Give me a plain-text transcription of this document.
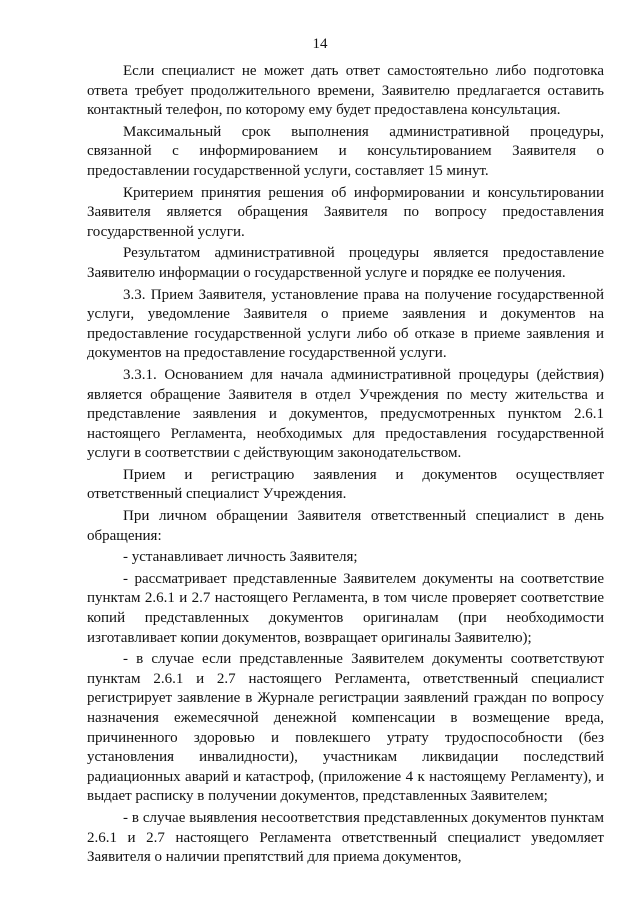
14

Если специалист не может дать ответ самостоятельно либо подготовка ответа требует продолжительного времени, Заявителю предлагается оставить контактный телефон, по которому ему будет предоставлена консультация.

Максимальный срок выполнения административной процедуры, связанной с информированием и консультированием Заявителя о предоставлении государственной услуги, составляет 15 минут.

Критерием принятия решения об информировании и консультировании Заявителя является обращения Заявителя по вопросу предоставления государственной услуги.

Результатом административной процедуры является предоставление Заявителю информации о государственной услуге и порядке ее получения.

3.3. Прием Заявителя, установление права на получение государственной услуги, уведомление Заявителя о приеме заявления и документов на предоставление государственной услуги либо об отказе в приеме заявления и документов на предоставление государственной услуги.

3.3.1. Основанием для начала административной процедуры (действия) является обращение Заявителя в отдел Учреждения по месту жительства и представление заявления и документов, предусмотренных пунктом 2.6.1 настоящего Регламента, необходимых для предоставления государственной услуги в соответствии с действующим законодательством.

Прием и регистрацию заявления и документов осуществляет ответственный специалист Учреждения.

При личном обращении Заявителя ответственный специалист в день обращения:

- устанавливает личность Заявителя;

- рассматривает представленные Заявителем документы на соответствие пунктам 2.6.1 и 2.7 настоящего Регламента, в том числе проверяет соответствие копий представленных документов оригиналам (при необходимости изготавливает копии документов, возвращает оригиналы Заявителю);

- в случае если представленные Заявителем документы соответствуют пунктам 2.6.1 и 2.7 настоящего Регламента, ответственный специалист регистрирует заявление в Журнале регистрации заявлений граждан по вопросу назначения ежемесячной денежной компенсации в возмещение вреда, причиненного здоровью и повлекшего утрату трудоспособности (без установления инвалидности), участникам ликвидации последствий радиационных аварий и катастроф, (приложение 4 к настоящему Регламенту), и выдает расписку в получении документов, представленных Заявителем;

- в случае выявления несоответствия представленных документов пунктам 2.6.1 и 2.7 настоящего Регламента ответственный специалист уведомляет Заявителя о наличии препятствий для приема документов,
